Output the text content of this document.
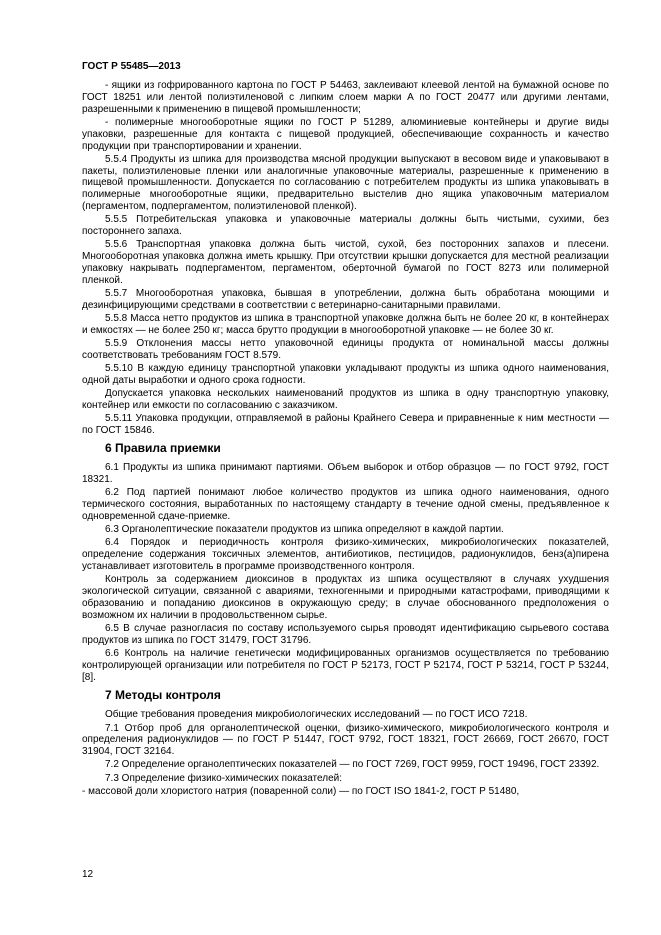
ГОСТ Р 55485—2013

- ящики из гофрированного картона по ГОСТ Р 54463, заклеивают клеевой лентой на бумажной основе по ГОСТ 18251 или лентой полиэтиленовой с липким слоем марки А по ГОСТ 20477 или другими лентами, разрешенными к применению в пищевой промышленности;

- полимерные многооборотные ящики по ГОСТ Р 51289, алюминиевые контейнеры и другие виды упаковки, разрешенные для контакта с пищевой продукцией, обеспечивающие сохранность и качество продукции при транспортировании и хранении.

5.5.4 Продукты из шпика для производства мясной продукции выпускают в весовом виде и упаковывают в пакеты, полиэтиленовые пленки или аналогичные упаковочные материалы, разрешенные к применению в пищевой промышленности. Допускается по согласованию с потребителем продукты из шпика упаковывать в полимерные многооборотные ящики, предварительно выстелив дно ящика упаковочным материалом (пергаментом, подпергаментом, полиэтиленовой пленкой).

5.5.5 Потребительская упаковка и упаковочные материалы должны быть чистыми, сухими, без постороннего запаха.

5.5.6 Транспортная упаковка должна быть чистой, сухой, без посторонних запахов и плесени. Многооборотная упаковка должна иметь крышку. При отсутствии крышки допускается для местной реализации упаковку накрывать подпергаментом, пергаментом, оберточной бумагой по ГОСТ 8273 или полимерной пленкой.

5.5.7 Многооборотная упаковка, бывшая в употреблении, должна быть обработана моющими и дезинфицирующими средствами в соответствии с ветеринарно-санитарными правилами.

5.5.8 Масса нетто продуктов из шпика в транспортной упаковке должна быть не более 20 кг, в контейнерах и емкостях — не более 250 кг; масса брутто продукции в многооборотной упаковке — не более 30 кг.

5.5.9 Отклонения массы нетто упаковочной единицы продукта от номинальной массы должны соответствовать требованиям ГОСТ 8.579.

5.5.10 В каждую единицу транспортной упаковки укладывают продукты из шпика одного наименования, одной даты выработки и одного срока годности.

Допускается упаковка нескольких наименований продуктов из шпика в одну транспортную упаковку, контейнер или емкости по согласованию с заказчиком.

5.5.11 Упаковка продукции, отправляемой в районы Крайнего Севера и приравненные к ним местности — по ГОСТ 15846.

6 Правила приемки

6.1 Продукты из шпика принимают партиями. Объем выборок и отбор образцов — по ГОСТ 9792, ГОСТ 18321.

6.2 Под партией понимают любое количество продуктов из шпика одного наименования, одного термического состояния, выработанных по настоящему стандарту в течение одной смены, предъявленное к одновременной сдаче-приемке.

6.3 Органолептические показатели продуктов из шпика определяют в каждой партии.

6.4 Порядок и периодичность контроля физико-химических, микробиологических показателей, определение содержания токсичных элементов, антибиотиков, пестицидов, радионуклидов, бенз(а)пирена устанавливает изготовитель в программе производственного контроля.

Контроль за содержанием диоксинов в продуктах из шпика осуществляют в случаях ухудшения экологической ситуации, связанной с авариями, техногенными и природными катастрофами, приводящими к образованию и попаданию диоксинов в окружающую среду; в случае обоснованного предположения о возможном их наличии в продовольственном сырье.

6.5 В случае разногласия по составу используемого сырья проводят идентификацию сырьевого состава продуктов из шпика по ГОСТ 31479, ГОСТ 31796.

6.6 Контроль на наличие генетически модифицированных организмов осуществляется по требованию контролирующей организации или потребителя по ГОСТ Р 52173, ГОСТ Р 52174, ГОСТ Р 53214, ГОСТ Р 53244, [8].

7 Методы контроля

Общие требования проведения микробиологических исследований — по ГОСТ ИСО 7218.

7.1 Отбор проб для органолептической оценки, физико-химического, микробиологического контроля и определения радионуклидов — по ГОСТ Р 51447, ГОСТ 9792, ГОСТ 18321, ГОСТ 26669, ГОСТ 26670, ГОСТ 31904, ГОСТ 32164.

7.2 Определение органолептических показателей — по ГОСТ 7269, ГОСТ 9959, ГОСТ 19496, ГОСТ 23392.

7.3 Определение физико-химических показателей:

- массовой доли хлористого натрия (поваренной соли) — по ГОСТ ISO 1841-2, ГОСТ Р 51480,

12
